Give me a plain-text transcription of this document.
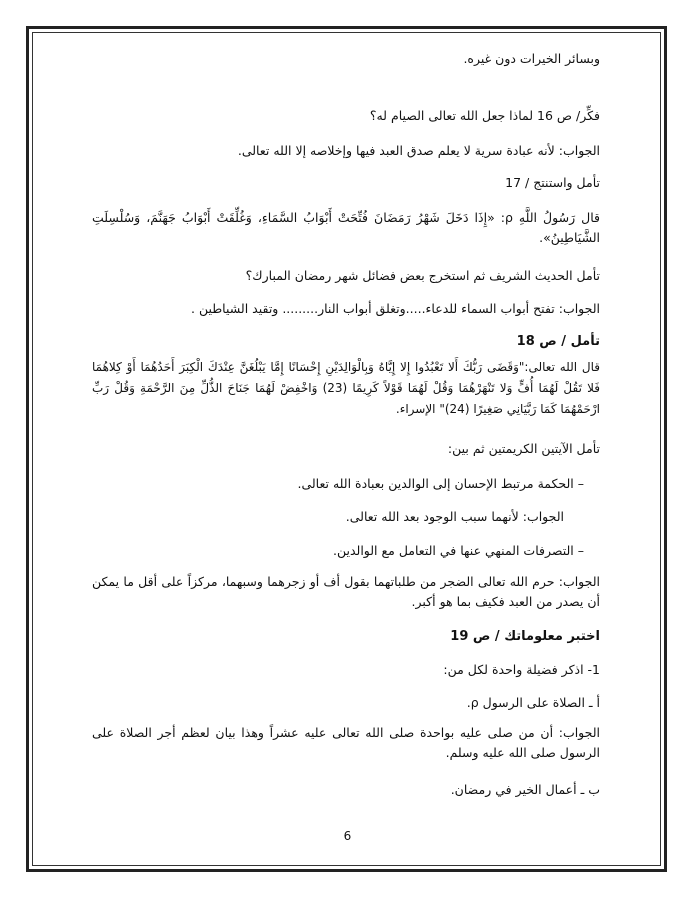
وبسائر الخيرات دون غيره.
فكِّر/ ص 16 لماذا جعل الله تعالى الصيام له؟
الجواب: لأنه عبادة سرية لا يعلم صدق العبد فيها وإخلاصه إلا الله تعالى.
تأمل واستنتج / 17
قال رَسُولُ اللَّهِ ρ: «إِذَا دَخَلَ شَهْرُ رَمَضَانَ فُتِّحَتْ أَبْوَابُ السَّمَاءِ، وَغُلِّقَتْ أَبْوَابُ جَهَنَّمَ، وَسُلْسِلَتِ الشَّيَاطِينُ».
تأمل الحديث الشريف ثم استخرج بعض فضائل شهر رمضان المبارك؟
الجواب: تفتح أبواب السماء للدعاء.....وتغلق أبواب النار......... وتقيد الشياطين .
تأمل / ص 18
قال الله تعالى:"وَقَضَى رَبُّكَ أَلا تَعْبُدُوا إِلا إِيَّاهُ وَبِالْوَالِدَيْنِ إِحْسَانًا إِمَّا يَبْلُغَنَّ عِنْدَكَ الْكِبَرَ أَحَدُهُمَا أَوْ كِلاهُمَا فَلا تَقُلْ لَهُمَا أُفٍّ وَلا تَنْهَرْهُمَا وَقُلْ لَهُمَا قَوْلاً كَرِيمًا (23) وَاخْفِضْ لَهُمَا جَنَاحَ الذُّلِّ مِنَ الرَّحْمَةِ وَقُلْ رَبِّ ارْحَمْهُمَا كَمَا رَبَّيَانِي صَغِيرًا (24)" الإسراء.
تأمل الآيتين الكريمتين ثم بين:
– الحكمة مرتبط الإحسان إلى الوالدين بعبادة الله تعالى.
الجواب: لأنهما سبب الوجود بعد الله تعالى.
– التصرفات المنهي عنها في التعامل مع الوالدين.
الجواب: حرم الله تعالى الضجر من طلباتهما بقول أف أو زجرهما وسبهما، مركزاً على أقل ما يمكن أن يصدر من العبد فكيف بما هو أكبر.
اختبر معلوماتك / ص 19
1- اذكر فضيلة واحدة لكل من:
أ ـ الصلاة على الرسول ρ.
الجواب: أن من صلى عليه بواحدة صلى الله تعالى عليه عشراً وهذا بيان لعظم أجر الصلاة على الرسول صلى الله عليه وسلم.
ب ـ أعمال الخير في رمضان.
6
